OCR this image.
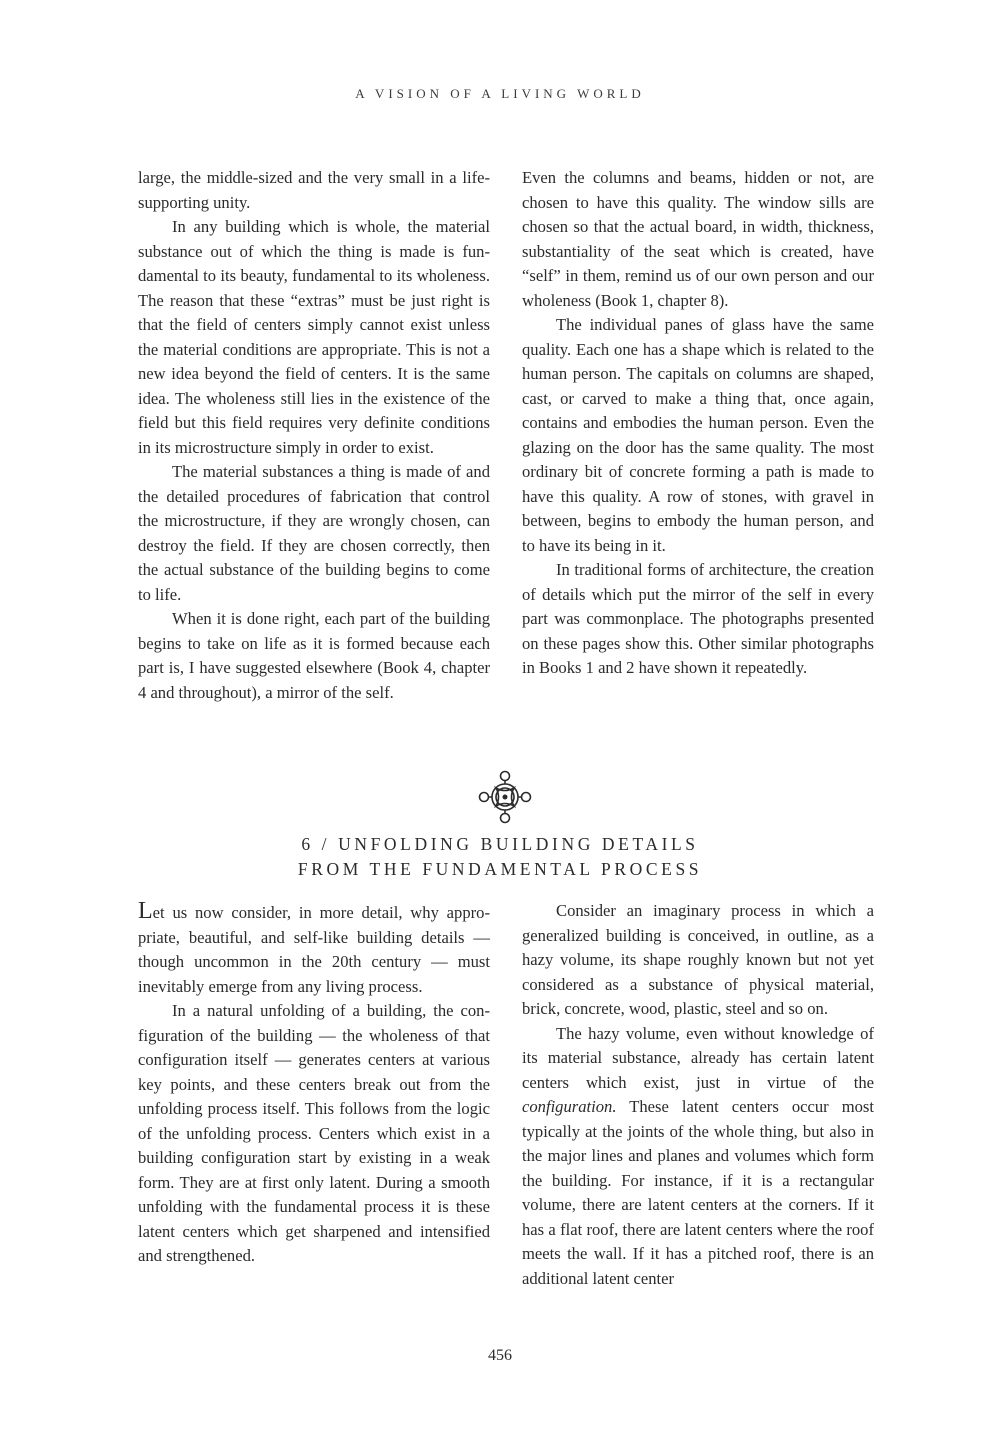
A VISION OF A LIVING WORLD

large, the middle-sized and the very small in a life-supporting unity.

In any building which is whole, the material substance out of which the thing is made is fundamental to its beauty, fundamental to its wholeness. The reason that these “extras” must be just right is that the field of centers simply cannot exist unless the material conditions are appropriate. This is not a new idea beyond the field of centers. It is the same idea. The wholeness still lies in the existence of the field but this field requires very definite conditions in its microstructure simply in order to exist.

The material substances a thing is made of and the detailed procedures of fabrication that control the microstructure, if they are wrongly chosen, can destroy the field. If they are chosen correctly, then the actual substance of the building begins to come to life.

When it is done right, each part of the building begins to take on life as it is formed because each part is, I have suggested elsewhere (Book 4, chapter 4 and throughout), a mirror of the self.

Even the columns and beams, hidden or not, are chosen to have this quality. The window sills are chosen so that the actual board, in width, thickness, substantiality of the seat which is created, have “self” in them, remind us of our own person and our wholeness (Book 1, chapter 8).

The individual panes of glass have the same quality. Each one has a shape which is related to the human person. The capitals on columns are shaped, cast, or carved to make a thing that, once again, contains and embodies the human person. Even the glazing on the door has the same quality. The most ordinary bit of concrete forming a path is made to have this quality. A row of stones, with gravel in between, begins to embody the human person, and to have its being in it.

In traditional forms of architecture, the creation of details which put the mirror of the self in every part was commonplace. The photographs presented on these pages show this. Other similar photographs in Books 1 and 2 have shown it repeatedly.

6 / UNFOLDING BUILDING DETAILS
FROM THE FUNDAMENTAL PROCESS

Let us now consider, in more detail, why appropriate, beautiful, and self-like building details — though uncommon in the 20th century — must inevitably emerge from any living process.

In a natural unfolding of a building, the configuration of the building — the wholeness of that configuration itself — generates centers at various key points, and these centers break out from the unfolding process itself. This follows from the logic of the unfolding process. Centers which exist in a building configuration start by existing in a weak form. They are at first only latent. During a smooth unfolding with the fundamental process it is these latent centers which get sharpened and intensified and strengthened.

Consider an imaginary process in which a generalized building is conceived, in outline, as a hazy volume, its shape roughly known but not yet considered as a substance of physical material, brick, concrete, wood, plastic, steel and so on.

The hazy volume, even without knowledge of its material substance, already has certain latent centers which exist, just in virtue of the configuration. These latent centers occur most typically at the joints of the whole thing, but also in the major lines and planes and volumes which form the building. For instance, if it is a rectangular volume, there are latent centers at the corners. If it has a flat roof, there are latent centers where the roof meets the wall. If it has a pitched roof, there is an additional latent center

456
